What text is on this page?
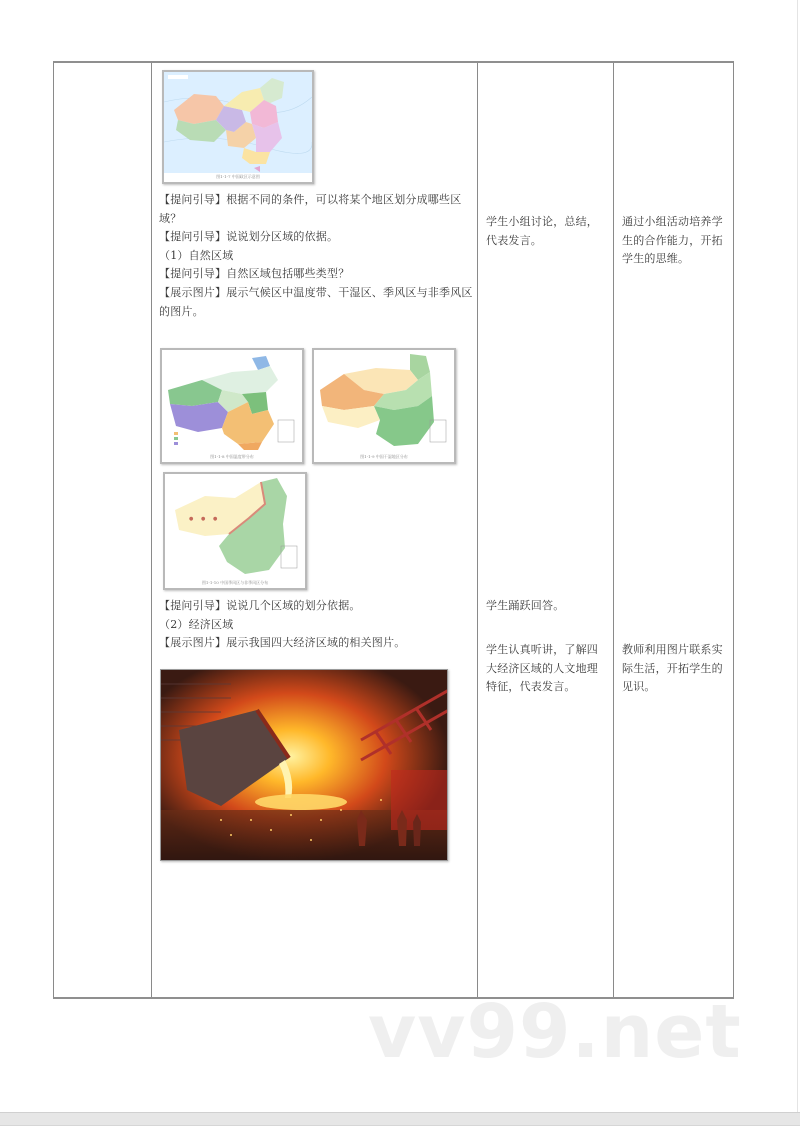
图1-1-7 中国政区示意图

【提问引导】根据不同的条件，可以将某个地区划分成哪些区域？

【提问引导】说说划分区域的依据。

（1）自然区域

【提问引导】自然区域包括哪些类型？

【展示图片】展示气候区中温度带、干湿区、季风区与非季风区的图片。

图1-1-8 中国温度带分布	图1-1-9 中国干湿地区分布
● ● ●
图1-1-10 中国季风区与非季风区分布

【提问引导】说说几个区域的划分依据。

（2）经济区域

【展示图片】展示我国四大经济区域的相关图片。

学生小组讨论，总结，代表发言。

学生踊跃回答。

学生认真听讲，了解四大经济区域的人文地理特征，代表发言。

通过小组活动培养学生的合作能力，开拓学生的思维。

教师利用图片联系实际生活，开拓学生的见识。

vv99.net
